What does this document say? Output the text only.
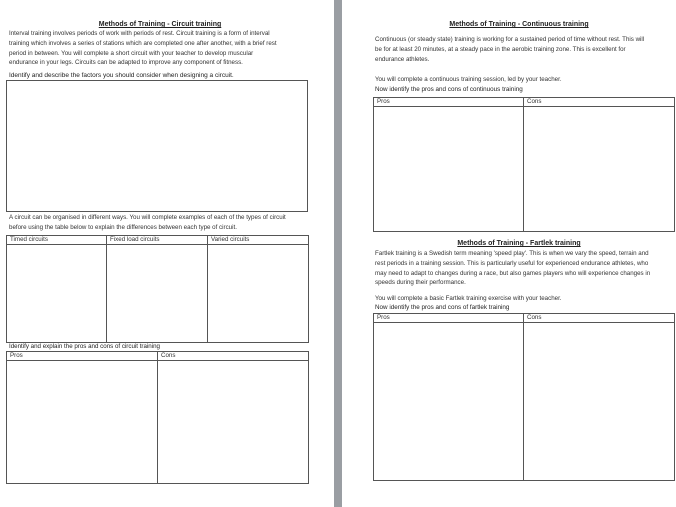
Methods of Training - Circuit training
Interval training involves periods of work with periods of rest. Circuit training is a form of interval
training which involves a series of stations which are completed one after another, with a brief rest
period in between. You will complete a short circuit with your teacher to develop muscular
endurance in your legs. Circuits can be adapted to improve any component of fitness.
Identify and describe the factors you should consider when designing a circuit.
A circuit can be organised in different ways. You will complete examples of each of the types of circuit
before using the table below to explain the differences between each type of circuit.
Timed circuits	Fixed load circuits	Varied circuits

Identify and explain the pros and cons of circuit training
Pros	Cons

Methods of Training - Continuous training
Continuous (or steady state) training is working for a sustained period of time without rest. This will
be for at least 20 minutes, at a steady pace in the aerobic training zone. This is excellent for
endurance athletes.
You will complete a continuous training session, led by your teacher.
Now identify the pros and cons of continuous training
Pros	Cons

Methods of Training - Fartlek training
Fartlek training is a Swedish term meaning 'speed play'. This is when we vary the speed, terrain and
rest periods in a training session. This is particularly useful for experienced endurance athletes, who
may need to adapt to changes during a race, but also games players who will experience changes in
speeds during their performance.
You will complete a basic Fartlek training exercise with your teacher.
Now identify the pros and cons of fartlek training
Pros	Cons
